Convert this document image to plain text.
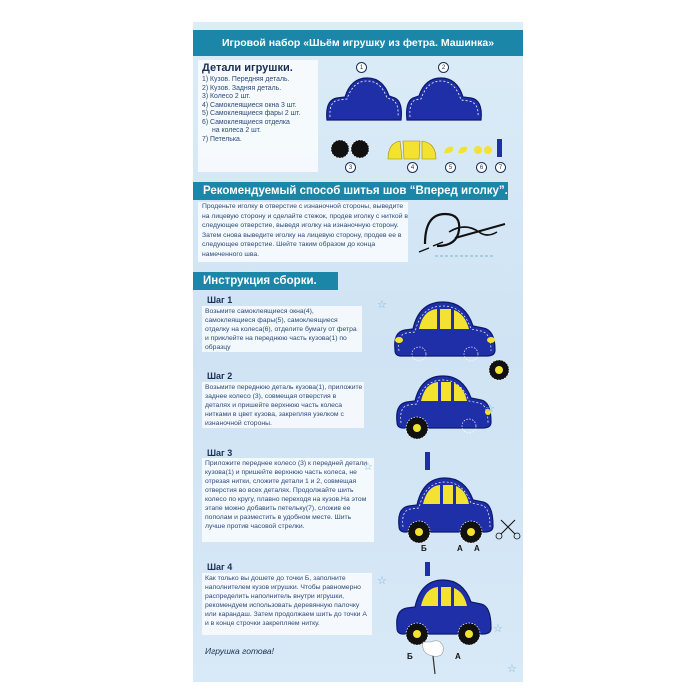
Игровой набор «Шьём игрушку из фетра. Машинка»
Детали игрушки.
1) Кузов. Передняя деталь.
2) Кузов. Задняя деталь.
3) Колесо 2 шт.
4) Самоклеящиеся окна 3 шт.
5) Самоклеящиеся фары 2 шт.
6) Самоклеящиеся отделка
на колеса 2 шт.
7) Петелька.
1	2
3	4	5	6	7
Рекомендуемый способ шитья шов “Вперед иголку”.
Проденьте иголку в отверстие с изнаночной стороны, выведите на лицевую сторону и сделайте стежок, продев иголку с ниткой в следующее отверстие, выведя иголку на изнаночную сторону. Затем снова выведите иголку на лицевую сторону, продев ее в следующее отверстие. Шейте таким образом до конца намеченного шва.
Инструкция сборки.
Шаг 1
Возьмите самоклеящиеся окна(4), самоклеящиеся фары(5), самоклеящиеся отделку на колеса(6), отделите бумагу от фетра и приклейте на переднюю часть кузова(1) по образцу
Шаг 2
Возьмите переднюю деталь кузова(1), приложите заднее колесо (3), совмещая отверстия в деталях и пришейте верхнюю часть колеса нитками в цвет кузова, закрепляя узелком с изнаночной стороны.
Шаг 3
Приложите переднее колесо (3) к передней детали кузова(1) и пришейте верхнюю часть колеса, не отрезая нитки, сложите детали 1 и 2, совмещая отверстия во всех деталях. Продолжайте шить колесо по кругу, плавно переходя на кузов.На этом этапе можно добавить петельку(7), сложив ее пополам и разместить в удобном месте. Шить лучше против часовой стрелки.
Б	А А
Шаг 4
Как только вы дошете до точки Б, заполните наполнителем кузов игрушки. Чтобы равномерно распределить наполнитель внутри игрушки, рекомендуем использовать деревянную палочку или карандаш. Затем продолжаем шить до точки А и в конце строчки закрепляем нитку.
Б	А
Игрушка готова!
☆
☆
☆
☆
☆
☆
